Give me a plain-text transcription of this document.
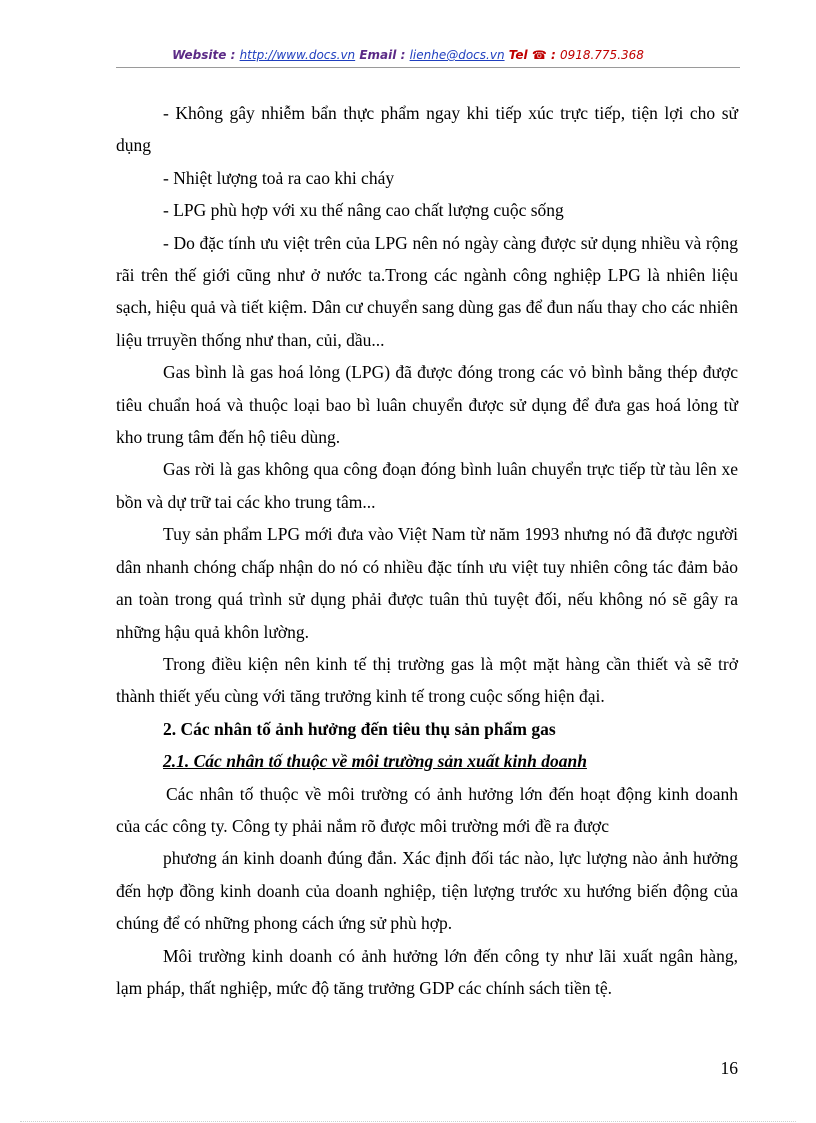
Website : http://www.docs.vn Email : lienhe@docs.vn Tel ☎ : 0918.775.368

- Không gây nhiễm bẩn thực phẩm ngay khi tiếp xúc trực tiếp, tiện lợi cho sử dụng

- Nhiệt lượng toả ra cao khi cháy

- LPG phù hợp với xu thế nâng cao chất lượng cuộc sống

- Do đặc tính ưu việt trên của LPG nên nó ngày càng được sử dụng nhiều và rộng rãi trên thế giới cũng như ở nước ta.Trong các ngành công nghiệp LPG là nhiên liệu sạch, hiệu quả và tiết kiệm. Dân cư chuyển sang dùng gas để đun nấu thay cho các nhiên liệu trruyền thống như than, củi, dầu...

Gas bình là gas hoá lỏng (LPG) đã được đóng trong các vỏ bình bằng thép được tiêu chuẩn hoá và thuộc loại bao bì luân chuyển được sử dụng để đưa gas hoá lỏng từ kho trung tâm đến hộ tiêu dùng.

Gas rời là gas không qua công đoạn đóng bình luân chuyển trực tiếp từ tàu lên xe bồn và dự trữ tai các kho trung tâm...

Tuy sản phẩm LPG mới đưa vào Việt Nam từ năm 1993 nhưng nó đã được người dân nhanh chóng chấp nhận do nó có nhiều đặc tính ưu việt tuy nhiên công tác đảm bảo an toàn trong quá trình sử dụng phải được tuân thủ tuyệt đối, nếu không nó sẽ gây ra những hậu quả khôn lường.

Trong điều kiện nên kinh tế thị trường gas là một mặt hàng cần thiết và sẽ trở thành thiết yếu cùng với tăng trưởng kinh tế trong cuộc sống hiện đại.

2. Các nhân tố ảnh hưởng đến tiêu thụ sản phẩm gas

2.1. Các nhân tố thuộc về môi trường sản xuất kinh doanh

Các nhân tố thuộc về môi trường có ảnh hưởng lớn đến hoạt động kinh doanh của các công ty. Công ty phải nắm rõ được môi trường mới đề ra được

phương án kinh doanh đúng đắn. Xác định đối tác nào, lực lượng nào ảnh hưởng đến hợp đồng kinh doanh của doanh nghiệp, tiện lượng trước xu hướng biến động của chúng để có những phong cách ứng sử phù hợp.

Môi trường kinh doanh có ảnh hưởng lớn đến công ty như lãi xuất ngân hàng, lạm pháp, thất nghiệp, mức độ tăng trưởng GDP các chính sách tiền tệ.

16
